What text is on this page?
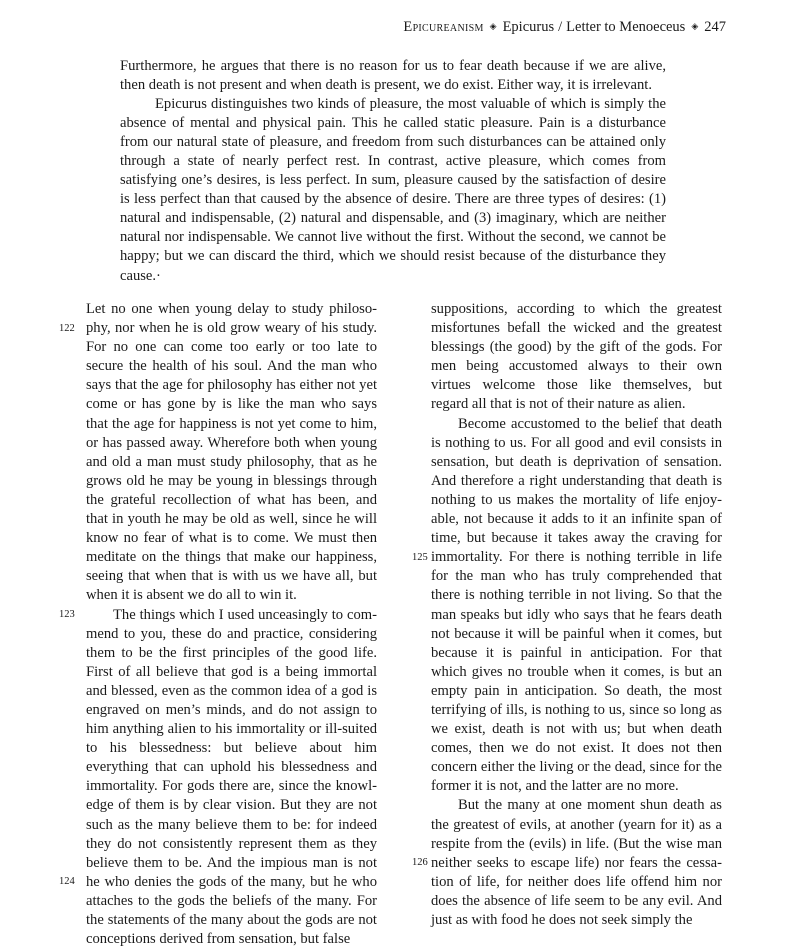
Epicureanism ◈ Epicurus / Letter to Menoeceus ◈ 247

Furthermore, he argues that there is no reason for us to fear death because if we are alive, then death is not present and when death is present, we do exist. Either way, it is irrelevant.

Epicurus distinguishes two kinds of pleasure, the most valuable of which is simply the absence of mental and physical pain. This he called static pleasure. Pain is a disturbance from our natural state of pleasure, and freedom from such disturbances can be attained only through a state of nearly perfect rest. In contrast, active pleasure, which comes from satisfying one’s desires, is less perfect. In sum, pleasure caused by the satisfaction of desire is less perfect than that caused by the absence of desire. There are three types of desires: (1) natural and indispensable, (2) natural and dispensable, and (3) imaginary, which are neither natural nor indispensable. We cannot live without the first. Without the second, we cannot be happy; but we can discard the third, which we should resist because of the disturbance they cause.·

122
123
124

Let no one when young delay to study philosophy, nor when he is old grow weary of his study. For no one can come too early or too late to secure the health of his soul. And the man who says that the age for philosophy has either not yet come or has gone by is like the man who says that the age for happiness is not yet come to him, or has passed away. Wherefore both when young and old a man must study philosophy, that as he grows old he may be young in blessings through the grateful recollection of what has been, and that in youth he may be old as well, since he will know no fear of what is to come. We must then meditate on the things that make our happiness, seeing that when that is with us we have all, but when it is absent we do all to win it.

The things which I used unceasingly to commend to you, these do and practice, considering them to be the first principles of the good life. First of all believe that god is a being immortal and blessed, even as the common idea of a god is engraved on men’s minds, and do not assign to him anything alien to his immortality or ill-suited to his blessedness: but believe about him everything that can uphold his blessedness and immortality. For gods there are, since the knowledge of them is by clear vision. But they are not such as the many believe them to be: for indeed they do not consistently represent them as they believe them to be. And the impious man is not he who denies the gods of the many, but he who attaches to the gods the beliefs of the many. For the statements of the many about the gods are not conceptions derived from sensation, but false

125
126

suppositions, according to which the greatest misfortunes befall the wicked and the greatest blessings (the good) by the gift of the gods. For men being accustomed always to their own virtues welcome those like themselves, but regard all that is not of their nature as alien.

Become accustomed to the belief that death is nothing to us. For all good and evil consists in sensation, but death is deprivation of sensation. And therefore a right understanding that death is nothing to us makes the mortality of life enjoyable, not because it adds to it an infinite span of time, but because it takes away the craving for immortality. For there is nothing terrible in life for the man who has truly comprehended that there is nothing terrible in not living. So that the man speaks but idly who says that he fears death not because it will be painful when it comes, but because it is painful in anticipation. For that which gives no trouble when it comes, is but an empty pain in anticipation. So death, the most terrifying of ills, is nothing to us, since so long as we exist, death is not with us; but when death comes, then we do not exist. It does not then concern either the living or the dead, since for the former it is not, and the latter are no more.

But the many at one moment shun death as the greatest of evils, at another (yearn for it) as a respite from the (evils) in life. (But the wise man neither seeks to escape life) nor fears the cessation of life, for neither does life offend him nor does the absence of life seem to be any evil. And just as with food he does not seek simply the
